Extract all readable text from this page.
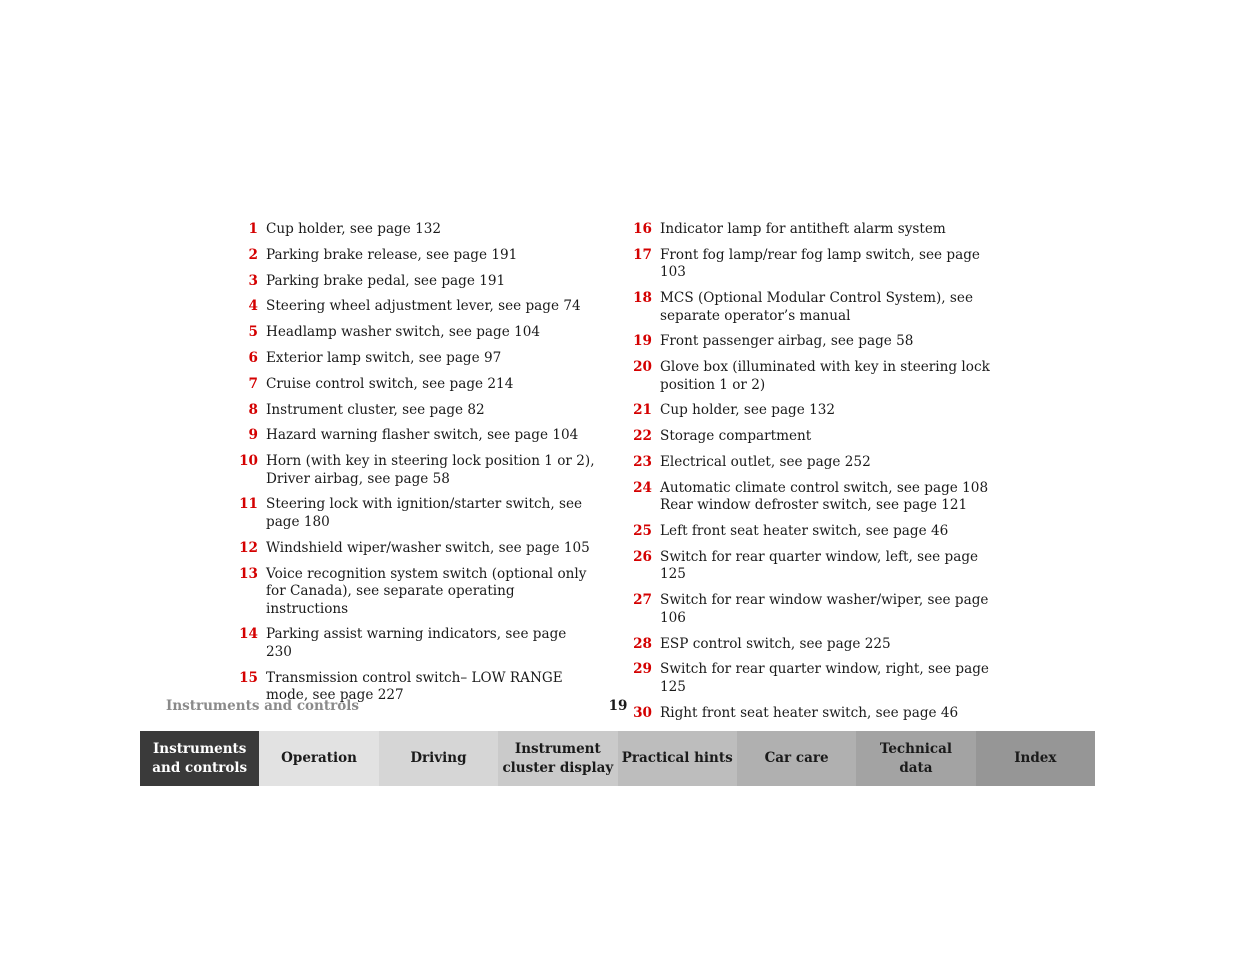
1 Cup holder, see page 132
2 Parking brake release, see page 191
3 Parking brake pedal, see page 191
4 Steering wheel adjustment lever, see page 74
5 Headlamp washer switch, see page 104
6 Exterior lamp switch, see page 97
7 Cruise control switch, see page 214
8 Instrument cluster, see page 82
9 Hazard warning flasher switch, see page 104
10 Horn (with key in steering lock position 1 or 2), Driver airbag, see page 58
11 Steering lock with ignition/starter switch, see page 180
12 Windshield wiper/washer switch, see page 105
13 Voice recognition system switch (optional only for Canada), see separate operating instructions
14 Parking assist warning indicators, see page 230
15 Transmission control switch– LOW RANGE mode, see page 227
16 Indicator lamp for antitheft alarm system
17 Front fog lamp/rear fog lamp switch, see page 103
18 MCS (Optional Modular Control System), see separate operator’s manual
19 Front passenger airbag, see page 58
20 Glove box (illuminated with key in steering lock position 1 or 2)
21 Cup holder, see page 132
22 Storage compartment
23 Electrical outlet, see page 252
24 Automatic climate control switch, see page 108 Rear window defroster switch, see page 121
25 Left front seat heater switch, see page 46
26 Switch for rear quarter window, left, see page 125
27 Switch for rear window washer/wiper, see page 106
28 ESP control switch, see page 225
29 Switch for rear quarter window, right, see page 125
30 Right front seat heater switch, see page 46
Instruments and controls	19
Instruments
and controls
Operation	Driving
Instrument
cluster display
Practical hints	Car care
Technical
data
Index
